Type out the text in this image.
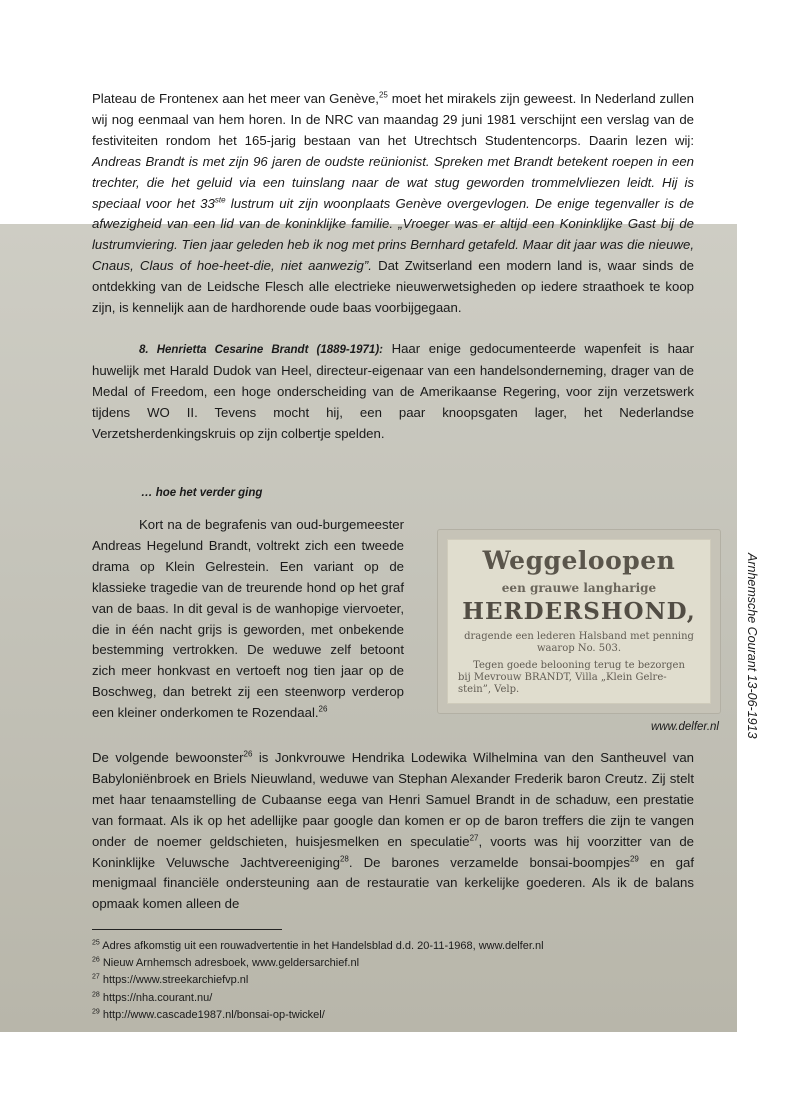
Plateau de Frontenex aan het meer van Genève,$^{25}$ moet het mirakels zijn geweest. In Nederland zullen wij nog eenmaal van hem horen. In de NRC van maandag 29 juni 1981 verschijnt een verslag van de festiviteiten rondom het 165-jarig bestaan van het Utrechtsch Studentencorps. Daarin lezen wij: Andreas Brandt is met zijn 96 jaren de oudste reünionist. Spreken met Brandt betekent roepen in een trechter, die het geluid via een tuinslang naar de wat stug geworden trommelvliezen leidt. Hij is speciaal voor het 33ste lustrum uit zijn woonplaats Genève overgevlogen. De enige tegenvaller is de afwezigheid van een lid van de koninklijke familie. „Vroeger was er altijd een Koninklijke Gast bij de lustrumviering. Tien jaar geleden heb ik nog met prins Bernhard getafeld. Maar dit jaar was die nieuwe, Cnaus, Claus of hoe-heet-die, niet aanwezig”. Dat Zwitserland een modern land is, waar sinds de ontdekking van de Leidsche Flesch alle electrieke nieuwerwetsigheden op iedere straathoek te koop zijn, is kennelijk aan de hardhorende oude baas voorbijgegaan.
8. Henrietta Cesarine Brandt (1889-1971): Haar enige gedocumenteerde wapenfeit is haar huwelijk met Harald Dudok van Heel, directeur-eigenaar van een handelsonderneming, drager van de Medal of Freedom, een hoge onderscheiding van de Amerikaanse Regering, voor zijn verzetswerk tijdens WO II. Tevens mocht hij, een paar knoopsgaten lager, het Nederlandse Verzetsherdenkingskruis op zijn colbertje spelden.
… hoe het verder ging
Kort na de begrafenis van oud-burgemeester Andreas Hegelund Brandt, voltrekt zich een tweede drama op Klein Gelrestein. Een variant op de klassieke tragedie van de treurende hond op het graf van de baas. In dit geval is de wanhopige viervoeter, die in één nacht grijs is geworden, met onbekende bestemming vertrokken. De weduwe zelf betoont zich meer honkvast en vertoeft nog tien jaar op de Boschweg, dan betrekt zij een steenworp verderop een kleiner onderkomen te Rozendaal.$^{26}$
Weggeloopen
een grauwe langharige
HERDERSHOND,
dragende een lederen Halsband met penning
waarop No. 503.
Tegen goede belooning terug te bezorgen
bij Mevrouw BRANDT, Villa „Klein Gelre-
stein”, Velp.
www.delfer.nl Arnhemsche Courant 13-06-1913
De volgende bewoonster$^{26}$ is Jonkvrouwe Hendrika Lodewika Wilhelmina van den Santheuvel van Babyloniënbroek en Briels Nieuwland, weduwe van Stephan Alexander Frederik baron Creutz. Zij stelt met haar tenaamstelling de Cubaanse eega van Henri Samuel Brandt in de schaduw, een prestatie van formaat. Als ik op het adellijke paar google dan komen er op de baron treffers die zijn te vangen onder de noemer geldschieten, huisjesmelken en speculatie$^{27}$, voorts was hij voorzitter van de Koninklijke Veluwsche Jachtvereeniging$^{28}$. De barones verzamelde bonsai-boompjes$^{29}$ en gaf menigmaal financiële ondersteuning aan de restauratie van kerkelijke goederen. Als ik de balans opmaak komen alleen de
$^{25}$ Adres afkomstig uit een rouwadvertentie in het Handelsblad d.d. 20-11-1968, www.delfer.nl
$^{26}$ Nieuw Arnhemsch adresboek, www.geldersarchief.nl
$^{27}$ https://www.streekarchiefvp.nl
$^{28}$ https://nha.courant.nu/
$^{29}$ http://www.cascade1987.nl/bonsai-op-twickel/
